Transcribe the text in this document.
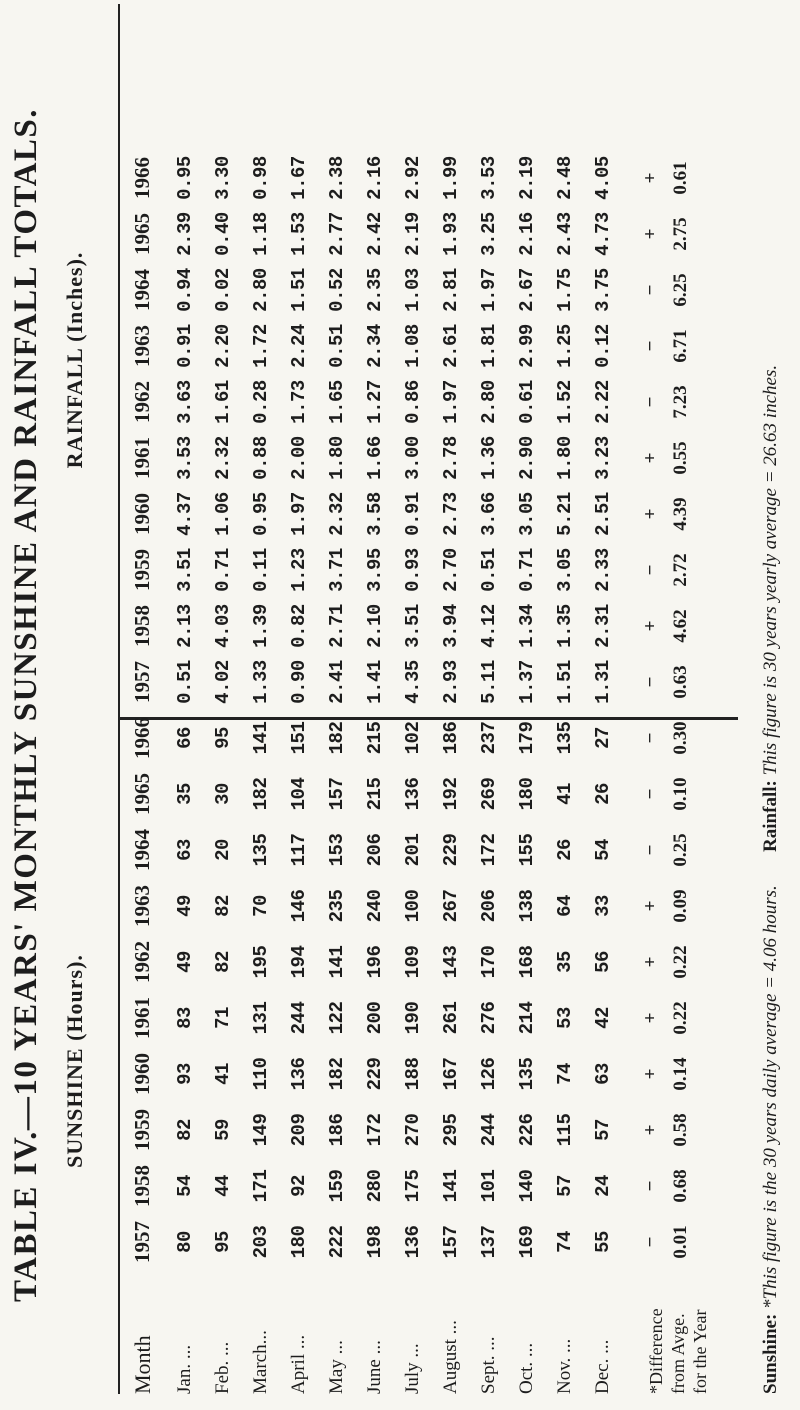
TABLE IV.—10 YEARS' MONTHLY SUNSHINE AND RAINFALL TOTALS. SUNSHINE (Hours).
RAINFALL (Inches).
Month Jan. ... Feb. ... March... April ... May ... June ... July ... August ... Sept. ... Oct. ... Nov. ... Dec. ... *Difference from Avge. for the Year
1957 80 95 203 180 222 198 136 157 137 169 74 55 − 0.01
1958 54 44 171 92 159 280 175 141 101 140 57 24 − 0.68
1959 82 59 149 209 186 172 270 295 244 226 115 57 + 0.58
1960 93 41 110 136 182 229 188 167 126 135 74 63 + 0.14
1961 83 71 131 244 122 200 190 261 276 214 53 42 + 0.22
1962 49 82 195 194 141 196 109 143 170 168 35 56 + 0.22
1963 49 82 70 146 235 240 100 267 206 138 64 33 + 0.09
1964 63 20 135 117 153 206 201 229 172 155 26 54 − 0.25
1965 35 30 182 104 157 215 136 192 269 180 41 26 − 0.10
1966 66 95 141 151 182 215 102 186 237 179 135 27 − 0.30
1957 0.51 4.02 1.33 0.90 2.41 1.41 4.35 2.93 5.11 1.37 1.51 1.31 − 0.63
1958 2.13 4.03 1.39 0.82 2.71 2.10 3.51 3.94 4.12 1.34 1.35 2.31 + 4.62
1959 3.51 0.71 0.11 1.23 3.71 3.95 0.93 2.70 0.51 0.71 3.05 2.33 − 2.72
1960 4.37 1.06 0.95 1.97 2.32 3.58 0.91 2.73 3.66 3.05 5.21 2.51 + 4.39
1961 3.53 2.32 0.88 2.00 1.80 1.66 3.00 2.78 1.36 2.90 1.80 3.23 + 0.55
1962 3.63 1.61 0.28 1.73 1.65 1.27 0.86 1.97 2.80 0.61 1.52 2.22 − 7.23
1963 0.91 2.20 1.72 2.24 0.51 2.34 1.08 2.61 1.81 2.99 1.25 0.12 − 6.71
1964 0.94 0.02 2.80 1.51 0.52 2.35 1.03 2.81 1.97 2.67 1.75 3.75 − 6.25
1965 2.39 0.40 1.18 1.53 2.77 2.42 2.19 1.93 3.25 2.16 2.43 4.73 + 2.75
1966 0.95 3.30 0.98 1.67 2.38 2.16 2.92 1.99 3.53 2.19 2.48 4.05 + 0.61
Sunshine: *This figure is the 30 years daily average = 4.06 hours.       Rainfall: This figure is 30 years yearly average = 26.63 inches.
